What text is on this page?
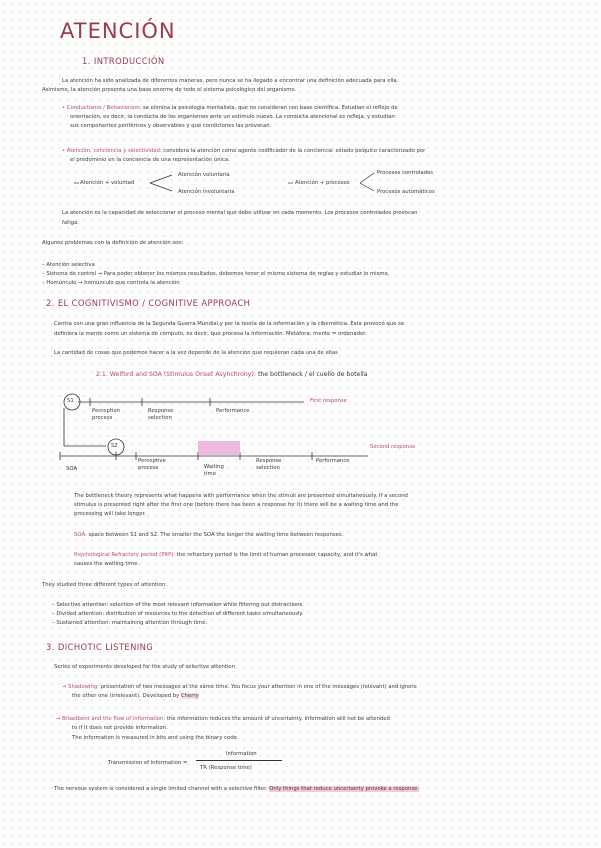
ATENCIÓN
1. INTRODUCCIÓN
La atención ha sido analizada de diferentes maneras, pero nunca se ha llegado a encontrar una definición adecuada para ella.
Asimismo, la atención presenta una base enorme de todo el sistema psicológico del organismo.
• Conductismo / Behaviorism: se elimina la psicología mentalista, que no consideran con base científica. Estudian el reflejo de
orientación, es decir, la conducta de los organismos ante un estímulo nuevo. La conducta atencional es refleja, y estudian
sus componentes periféricos y observables y qué condiciones las provocan.
• Atención, conciencia y selectividad: considera la atención como agente codificador de la conciencia: estado psíquico caracterizado por
el predominio en la conciencia de una representación única.
Atención + voluntad
Atención voluntaria
Atención involuntaria
Atención + procesos
Procesos controlados
Procesos automáticos
La atención es la capacidad de seleccionar el proceso mental que debe utilizar en cada momento. Los procesos controlados provocan
fatiga.
Algunos problemas con la definición de atención son:
– Atención selectiva
– Sistema de control → Para poder obtener los mismos resultados, debemos tener el mismo sistema de reglas y estudiar lo mismo.
– Homúnculo → homúnculo que controla la atención
2. EL COGNITIVISMO / COGNITIVE APPROACH
Centra con una gran influencia de la Segunda Guerra Mundial y por la teoría de la información y la cibernética. Esta provocó que se
definiera la mente como un sistema de computo, es decir, que procesa la información. Metáfora: mente = ordenador.
La cantidad de cosas que podemos hacer a la vez depende de la atención que requieran cada una de ellas
2.1. Welford and SOA (Stimulus Onset Asynchrony): the bottleneck / el cuello de botella
S1
S2
SOA
Perception process
Response selection
Performance
First response
Perceptive process	Waiting time
Response selection
Performance
Second response
The bottleneck theory represents what happens with performance when the stimuli are presented simultaneously. If a second
stimulus is presented right after the first one (before there has been a response for it) there will be a waiting time and the
processing will take longer.
SOA: space between S1 and S2. The smaller the SOA the longer the waiting time between responses.
Psychological Refractory period (PRP): the refractory period is the limit of human processor capacity, and it's what
causes the waiting time.
They studied three different types of attention:
– Selective attention: selection of the most relevant information while filtering out distractions.
– Divided attention: distribution of resources to the detection of different tasks simultaneously.
– Sustained attention: maintaining attention through time.
3. DICHOTIC LISTENING
Series of experiments developed for the study of selective attention
→ Shadowing: presentation of two messages at the same time. You focus your attention in one of the messages (relevant) and ignore
the other one (irrelevant). Developed by Cherry
→ Broadbent and the flow of information: the information reduces the amount of uncertainty. Information will not be attended
to if it does not provide information.
The information is measured in bits and using the binary code.
Transmission of information =
Information
TR (Response time)
The nervous system is considered a single limited channel with a selective filter. Only things that reduce uncertainty provoke a response.
